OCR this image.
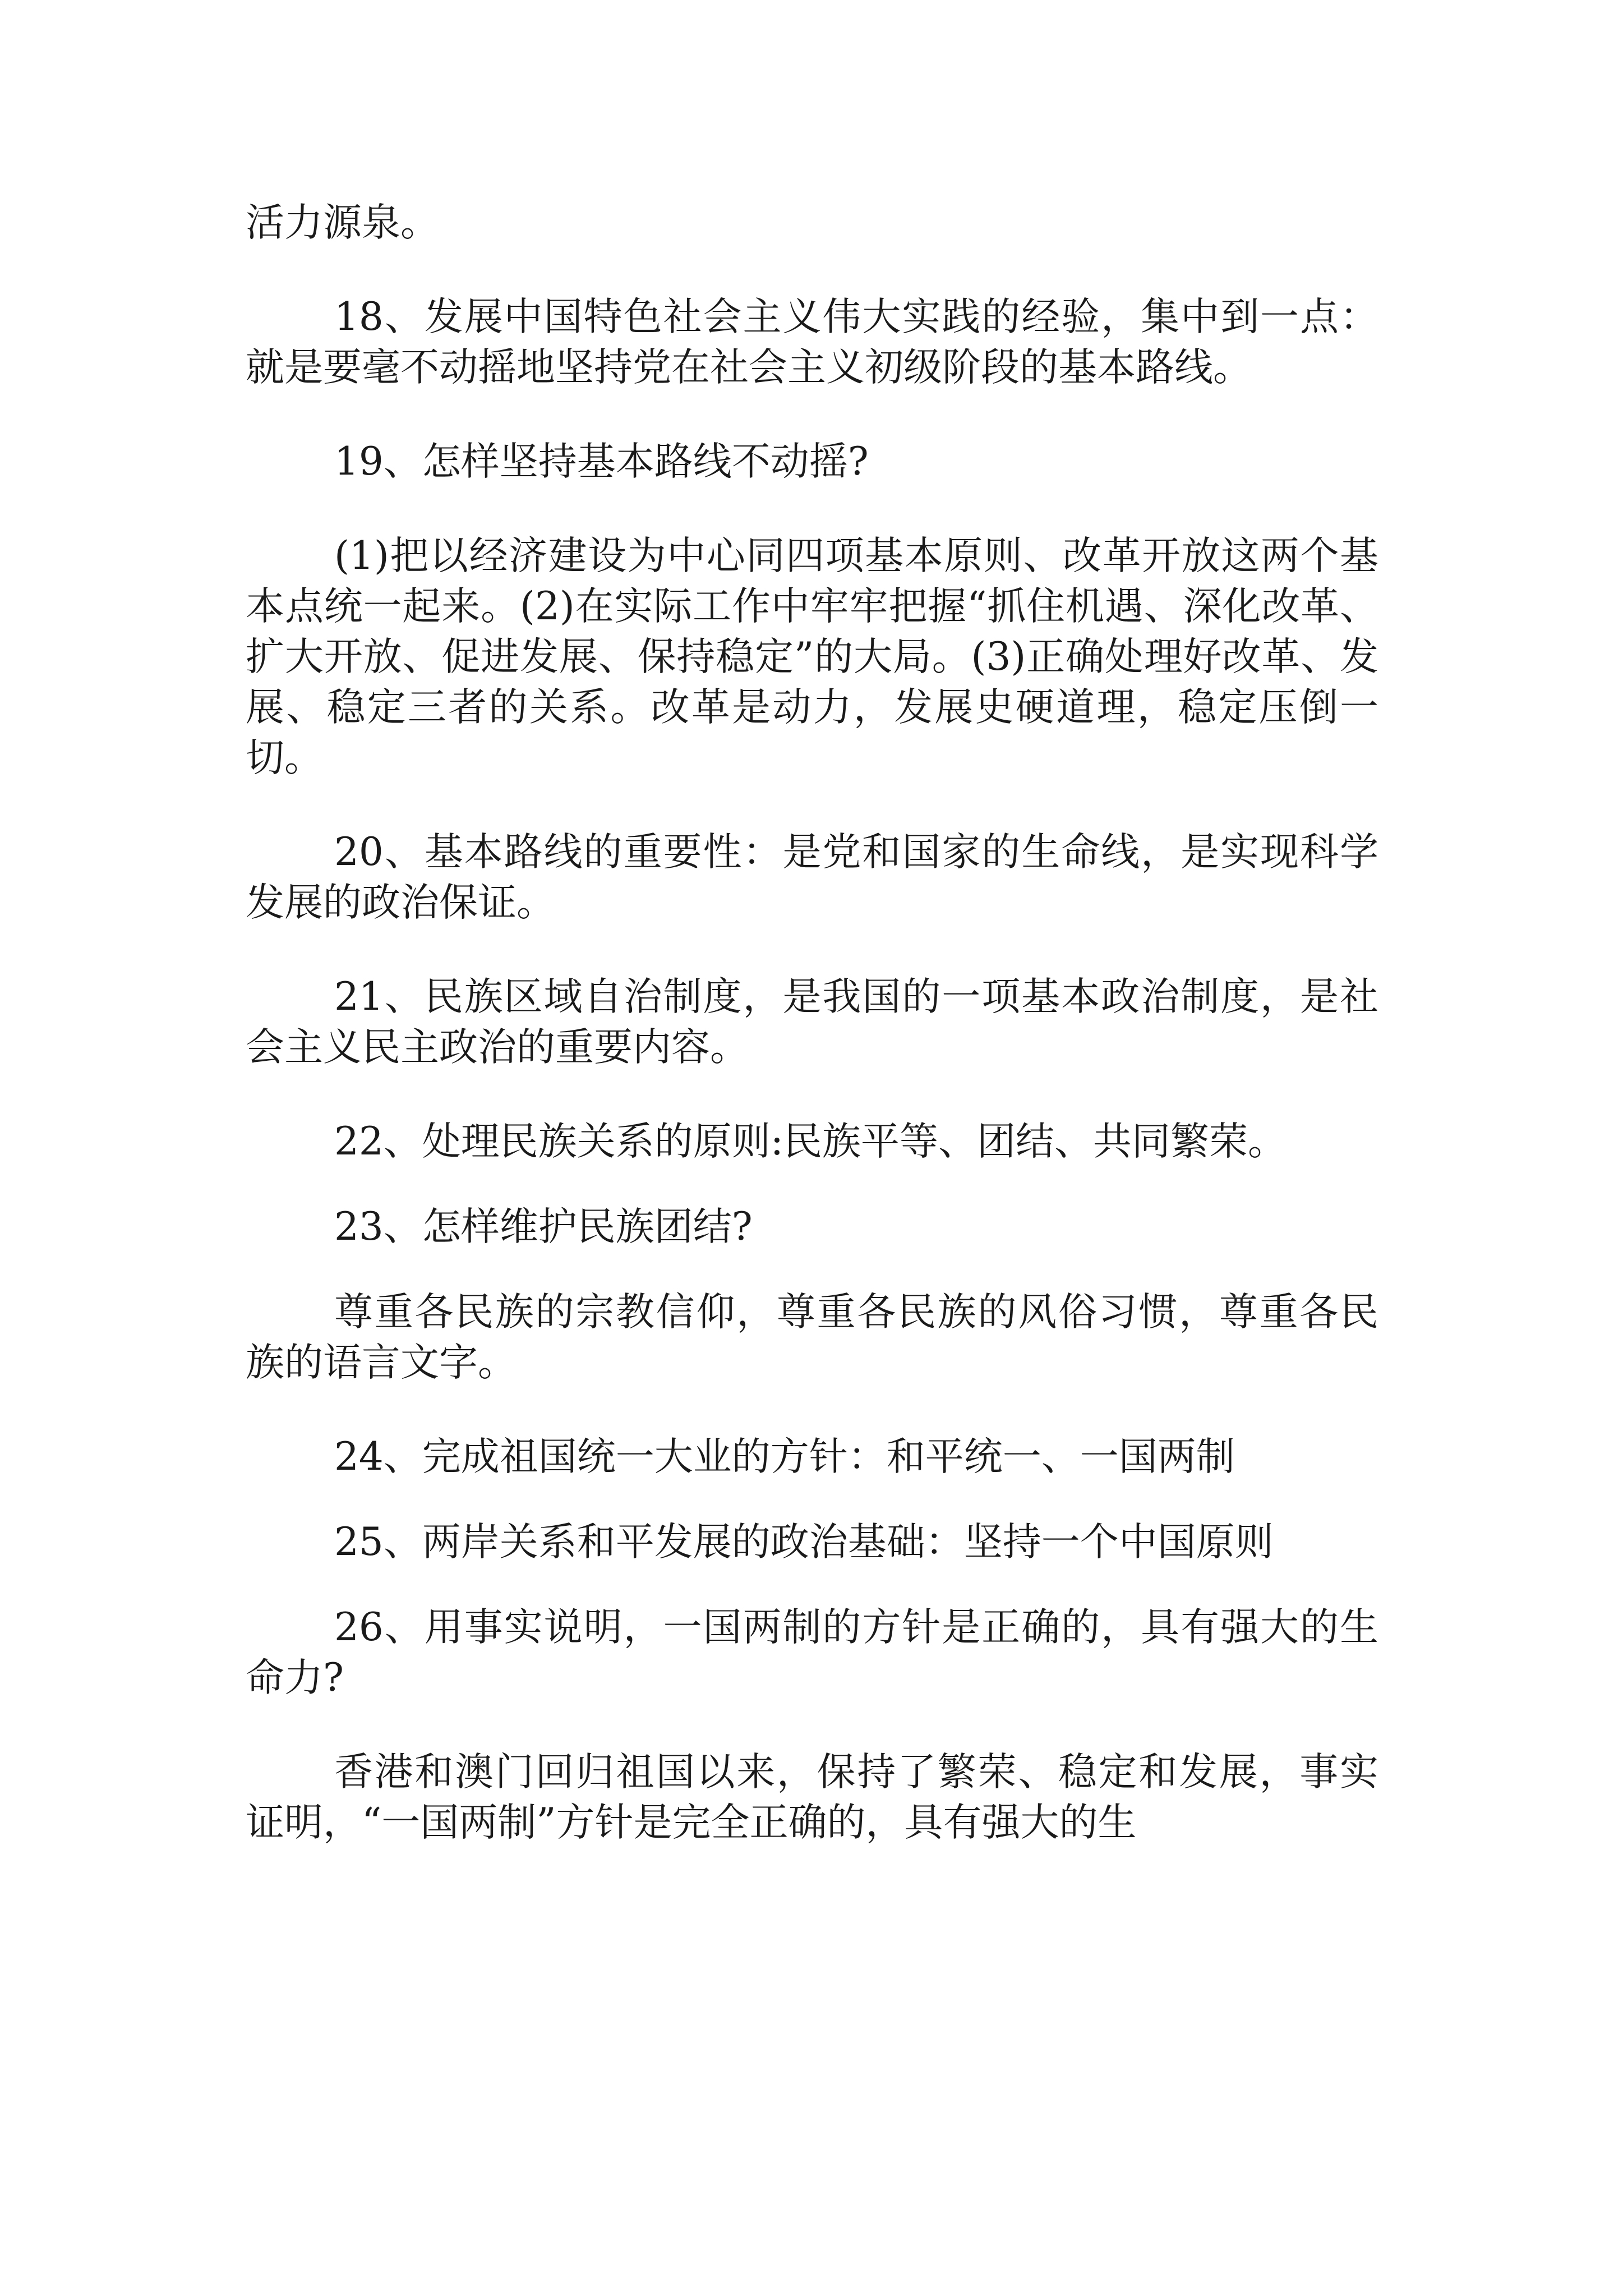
活力源泉。

18、发展中国特色社会主义伟大实践的经验，集中到一点：就是要毫不动摇地坚持党在社会主义初级阶段的基本路线。

19、怎样坚持基本路线不动摇?

(1)把以经济建设为中心同四项基本原则、改革开放这两个基本点统一起来。(2)在实际工作中牢牢把握“抓住机遇、深化改革、扩大开放、促进发展、保持稳定”的大局。(3)正确处理好改革、发展、稳定三者的关系。改革是动力，发展史硬道理，稳定压倒一切。

20、基本路线的重要性：是党和国家的生命线，是实现科学发展的政治保证。

21、民族区域自治制度，是我国的一项基本政治制度，是社会主义民主政治的重要内容。

22、处理民族关系的原则:民族平等、团结、共同繁荣。

23、怎样维护民族团结?

尊重各民族的宗教信仰，尊重各民族的风俗习惯，尊重各民族的语言文字。

24、完成祖国统一大业的方针：和平统一、一国两制

25、两岸关系和平发展的政治基础：坚持一个中国原则

26、用事实说明，一国两制的方针是正确的，具有强大的生命力?

香港和澳门回归祖国以来，保持了繁荣、稳定和发展，事实证明，“一国两制”方针是完全正确的，具有强大的生
